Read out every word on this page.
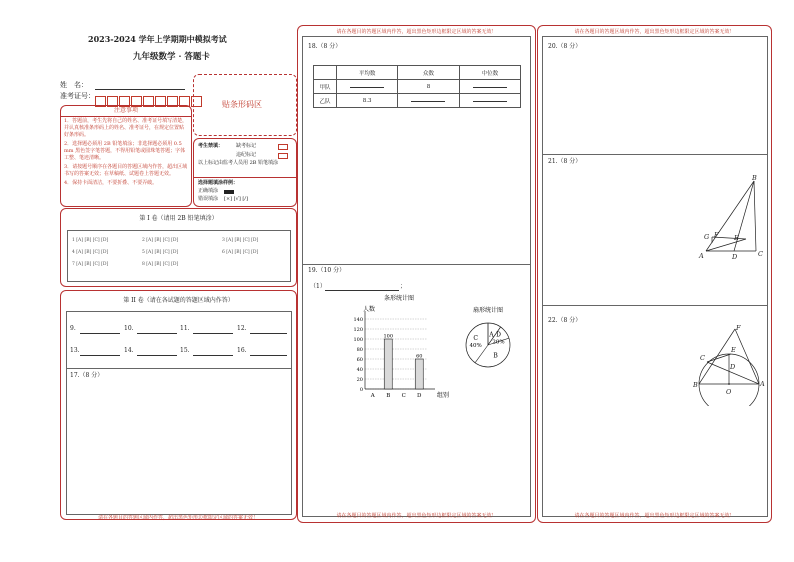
2023-2024 学年上学期期中模拟考试
九年级数学 · 答题卡
姓　名：
准考证号：
贴条形码区
注意事项
1．答题前，考生先将自己的姓名、准考证号填写清楚，并认真核准条形码上的姓名、准考证号，在规定位置贴好条形码。
2．选择题必须用 2B 铅笔填涂；非选择题必须用 0.5 mm 黑色签字笔答题，不得用铅笔或圆珠笔答题；字体工整、笔迹清晰。
3．请按题号顺序在各题目的答题区域内作答，超出区域书写的答案无效；在草稿纸、试题卷上答题无效。
4．保持卡面清洁，不要折叠、不要弄破。
考生禁填：	缺考标记
违纪标记
以上标记由监考人员用 2B 铅笔填涂
选择题填涂样例：
正确填涂
错误填涂 [×] [√] [/]
第 I 卷（请用 2B 铅笔填涂）
1 [A] [B] [C] [D]	2 [A] [B] [C] [D]	3 [A] [B] [C] [D]
4 [A] [B] [C] [D]	5 [A] [B] [C] [D]	6 [A] [B] [C] [D]
7 [A] [B] [C] [D]	8 [A] [B] [C] [D]
第 II 卷（请在各试题的答题区域内作答）
9.	10.	11.	12.
13.	14.	15.	16.
17.（8 分）
请在各题目的答题区域内作答，超出黑色矩形边框限定区域的答案无效！
请在各题目的答题区域内作答，超出黑色矩形边框限定区域的答案无效！
18.（8 分）
	平均数	众数	中位数
甲队		8	
乙队	8.3		
19.（10 分）
（1）	；
条形统计图
人数
组别
0
20
40
60
80
100
120
140
A B
100
C D
60
扇形统计图
A D
20%
B
C
40%
请在各题目的答题区域内作答，超出黑色矩形边框限定区域的答案无效！
请在各题目的答题区域内作答，超出黑色矩形边框限定区域的答案无效！
20.（8 分）
21.（8 分）
B
G F E
A	D	C
22.（8 分）
F
E
C
D
B
O
A
请在各题目的答题区域内作答，超出黑色矩形边框限定区域的答案无效！
